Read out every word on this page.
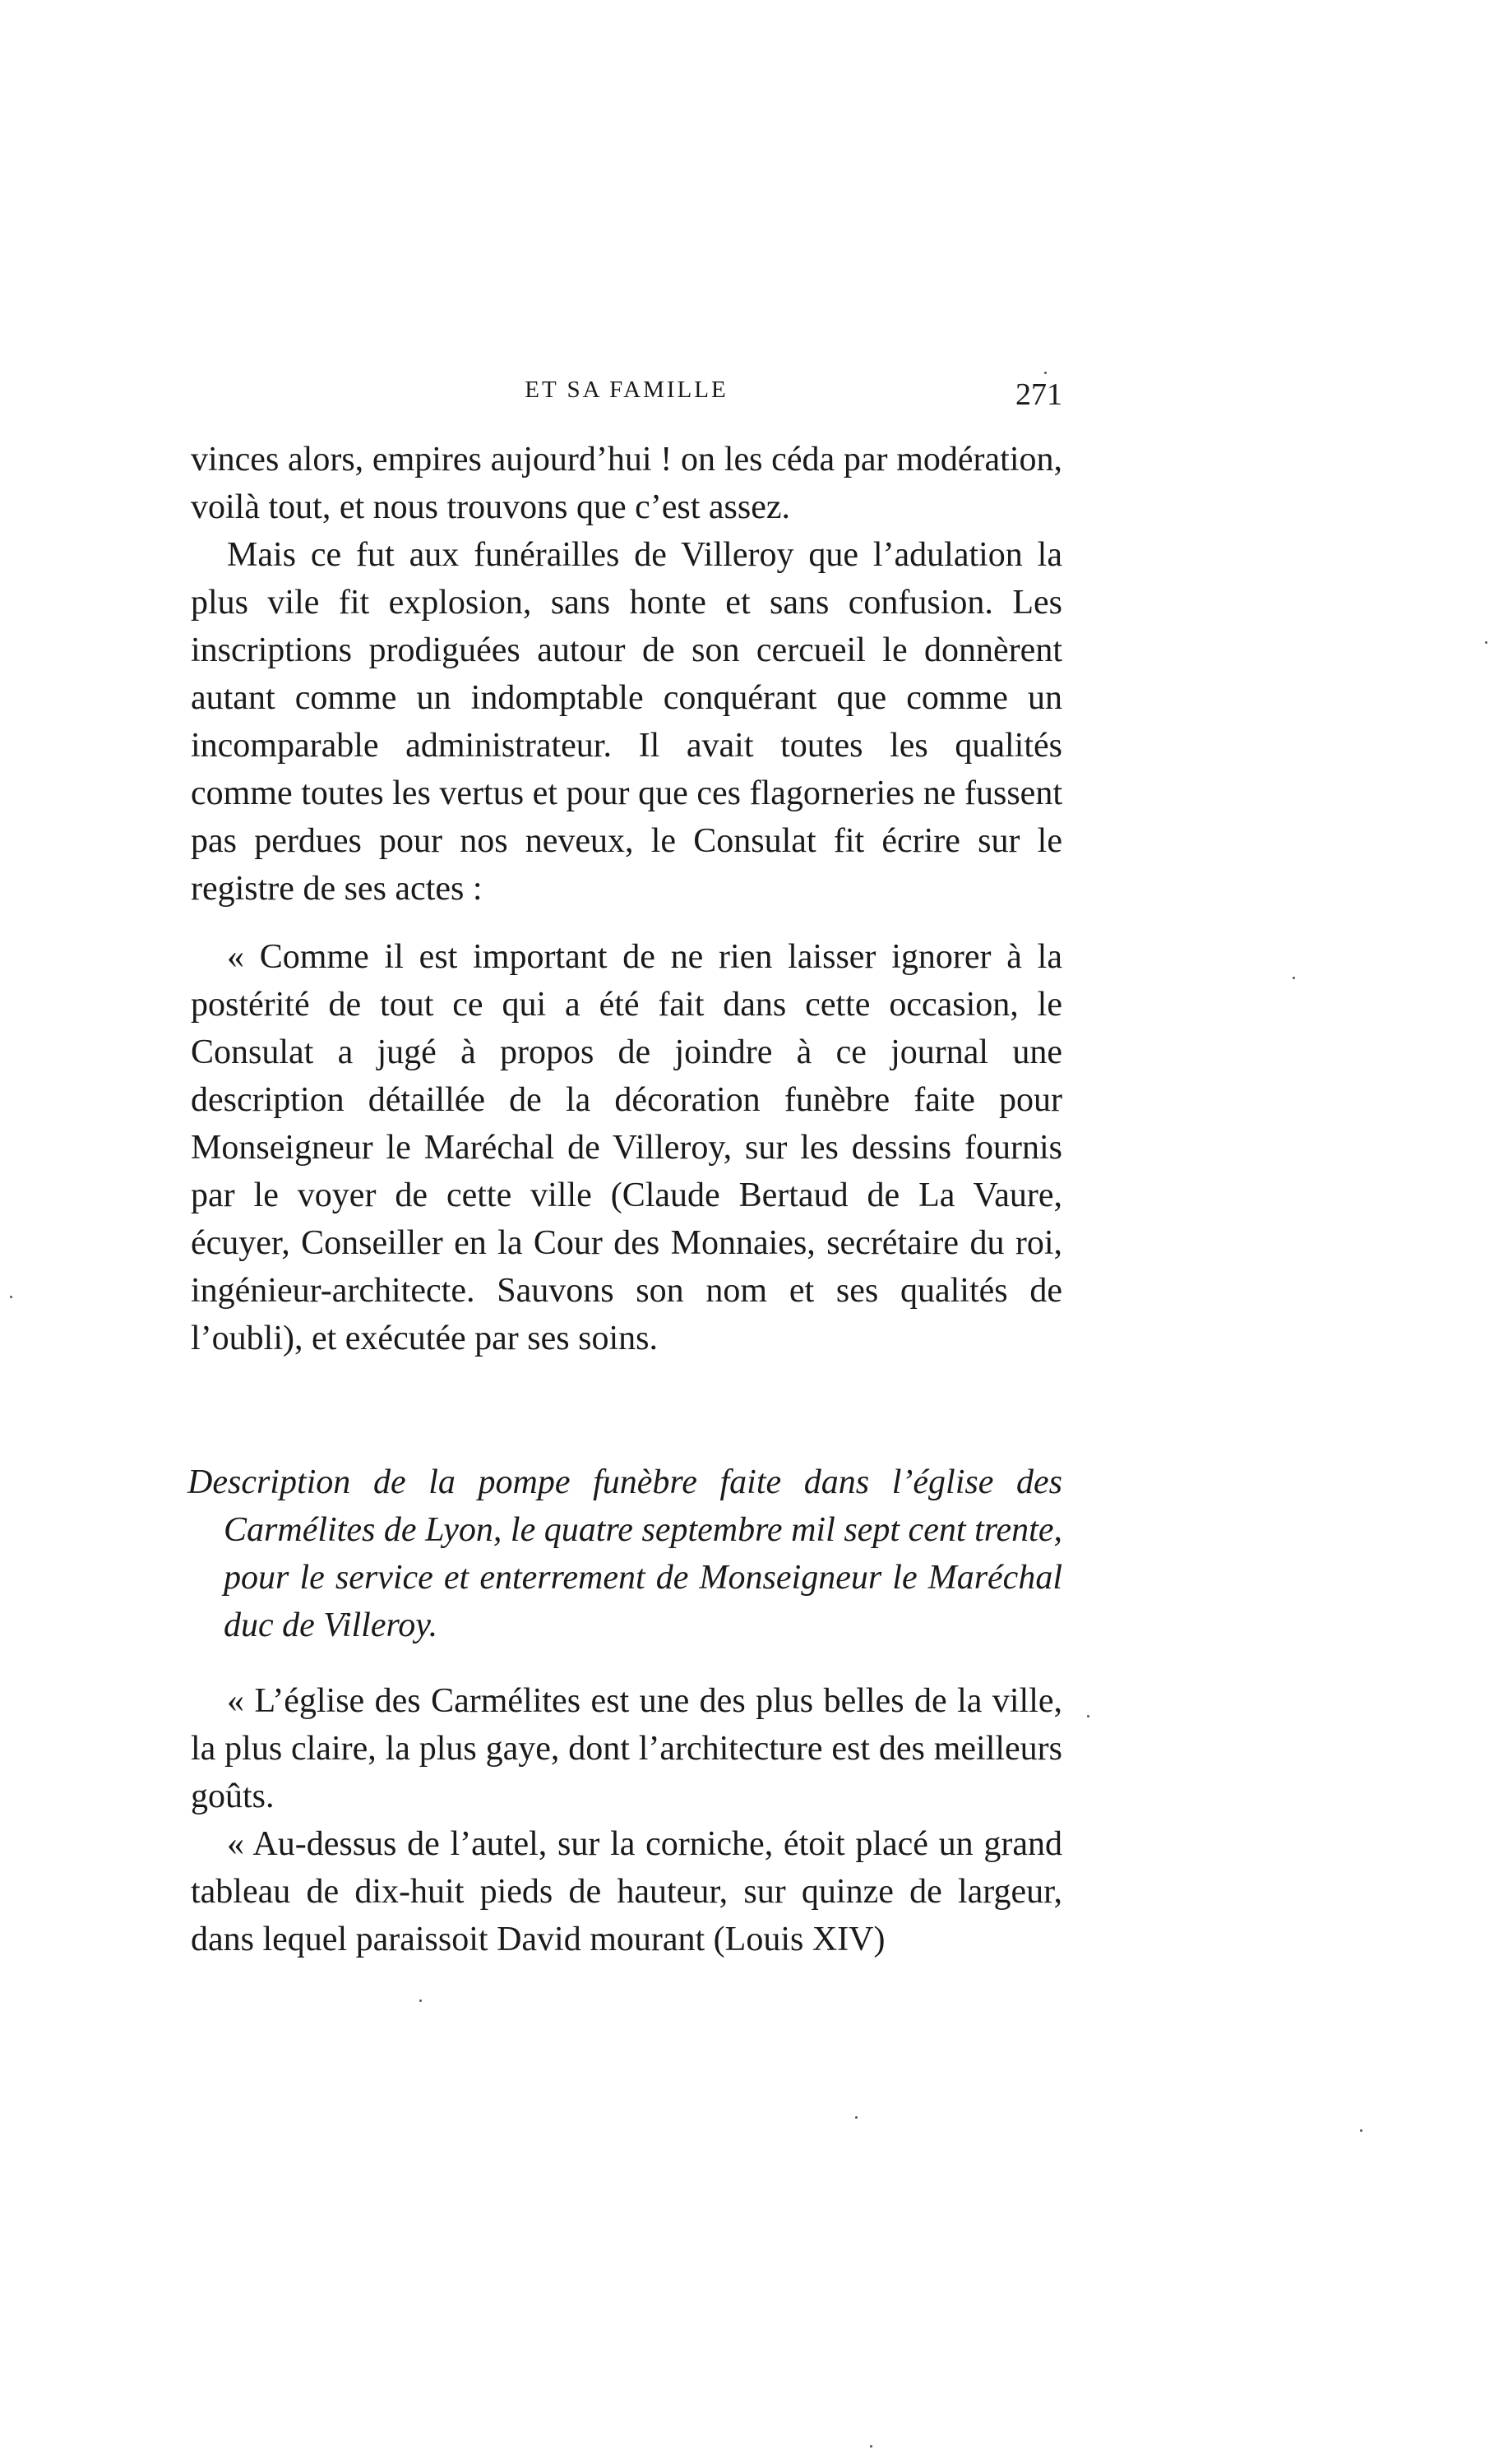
ET SA FAMILLE	271

vinces alors, empires aujourd’hui ! on les céda par modération, voilà tout, et nous trouvons que c’est assez.

Mais ce fut aux funérailles de Villeroy que l’adulation la plus vile fit explosion, sans honte et sans confusion. Les inscriptions prodiguées autour de son cercueil le donnèrent autant comme un indomptable conquérant que comme un incomparable administrateur. Il avait toutes les qualités comme toutes les vertus et pour que ces flagorneries ne fussent pas perdues pour nos neveux, le Consulat fit écrire sur le registre de ses actes :

« Comme il est important de ne rien laisser ignorer à la postérité de tout ce qui a été fait dans cette occasion, le Consulat a jugé à propos de joindre à ce journal une description détaillée de la décoration funèbre faite pour Monseigneur le Maréchal de Villeroy, sur les dessins fournis par le voyer de cette ville (Claude Bertaud de La Vaure, écuyer, Conseiller en la Cour des Monnaies, secrétaire du roi, ingénieur-architecte. Sauvons son nom et ses qualités de l’oubli), et exécutée par ses soins.

Description de la pompe funèbre faite dans l’église des Carmélites de Lyon, le quatre septembre mil sept cent trente, pour le service et enterrement de Monseigneur le Maréchal duc de Villeroy.

« L’église des Carmélites est une des plus belles de la ville, la plus claire, la plus gaye, dont l’architecture est des meilleurs goûts.

« Au-dessus de l’autel, sur la corniche, étoit placé un grand tableau de dix-huit pieds de hauteur, sur quinze de largeur, dans lequel paraissoit David mourant (Louis XIV)
